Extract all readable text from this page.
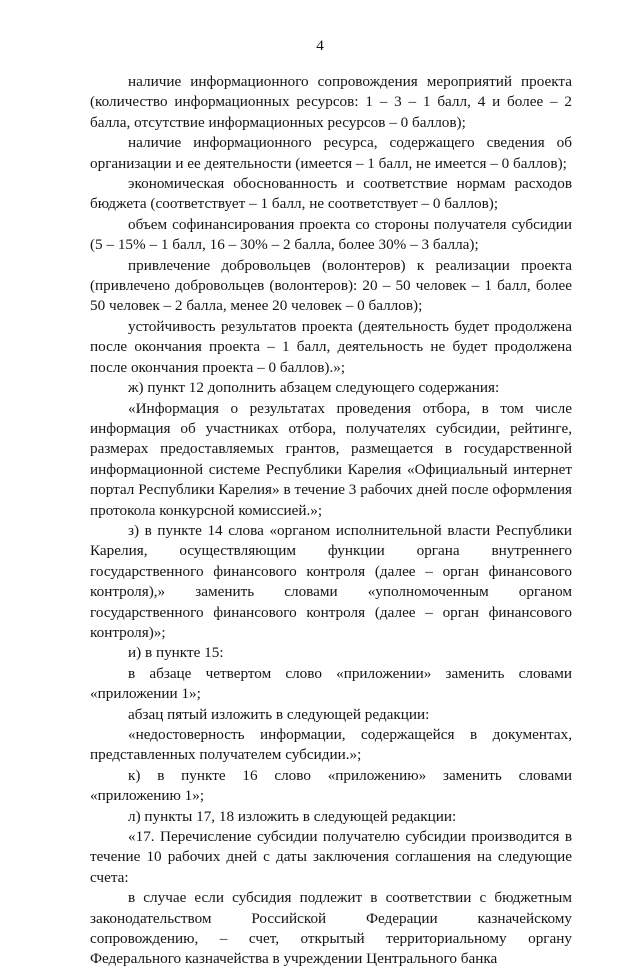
4

наличие информационного сопровождения мероприятий проекта (количество информационных ресурсов: 1 – 3 – 1 балл, 4 и более – 2 балла, отсутствие информационных ресурсов – 0 баллов);

наличие информационного ресурса, содержащего сведения об организации и ее деятельности (имеется – 1 балл, не имеется – 0 баллов);

экономическая обоснованность и соответствие нормам расходов бюджета (соответствует – 1 балл, не соответствует – 0 баллов);

объем софинансирования проекта со стороны получателя субсидии (5 – 15% – 1 балл, 16 – 30% – 2 балла, более 30% – 3 балла);

привлечение добровольцев (волонтеров) к реализации проекта (привлечено добровольцев (волонтеров): 20 – 50 человек – 1 балл, более 50 человек – 2 балла, менее 20 человек – 0 баллов);

устойчивость результатов проекта (деятельность будет продолжена после окончания проекта – 1 балл, деятельность не будет продолжена после окончания проекта – 0 баллов).»;

ж) пункт 12 дополнить абзацем следующего содержания:

«Информация о результатах проведения отбора, в том числе информация об участниках отбора, получателях субсидии, рейтинге, размерах предоставляемых грантов, размещается в государственной информационной системе Республики Карелия «Официальный интернет портал Республики Карелия» в течение 3 рабочих дней после оформления протокола конкурсной комиссией.»;

з) в пункте 14 слова «органом исполнительной власти Республики Карелия, осуществляющим функции органа внутреннего государственного финансового контроля (далее – орган финансового контроля),» заменить словами «уполномоченным органом государственного финансового контроля (далее – орган финансового контроля)»;

и) в пункте 15:

в абзаце четвертом слово «приложении» заменить словами «приложении 1»;

абзац пятый изложить в следующей редакции:

«недостоверность информации, содержащейся в документах, представленных получателем субсидии.»;

к) в пункте 16 слово «приложению» заменить словами «приложению 1»;

л) пункты 17, 18 изложить в следующей редакции:

«17. Перечисление субсидии получателю субсидии производится в течение 10 рабочих дней с даты заключения соглашения на следующие счета:

в случае если субсидия подлежит в соответствии с бюджетным законодательством Российской Федерации казначейскому сопровождению, – счет, открытый территориальному органу Федерального казначейства в учреждении Центрального банка
